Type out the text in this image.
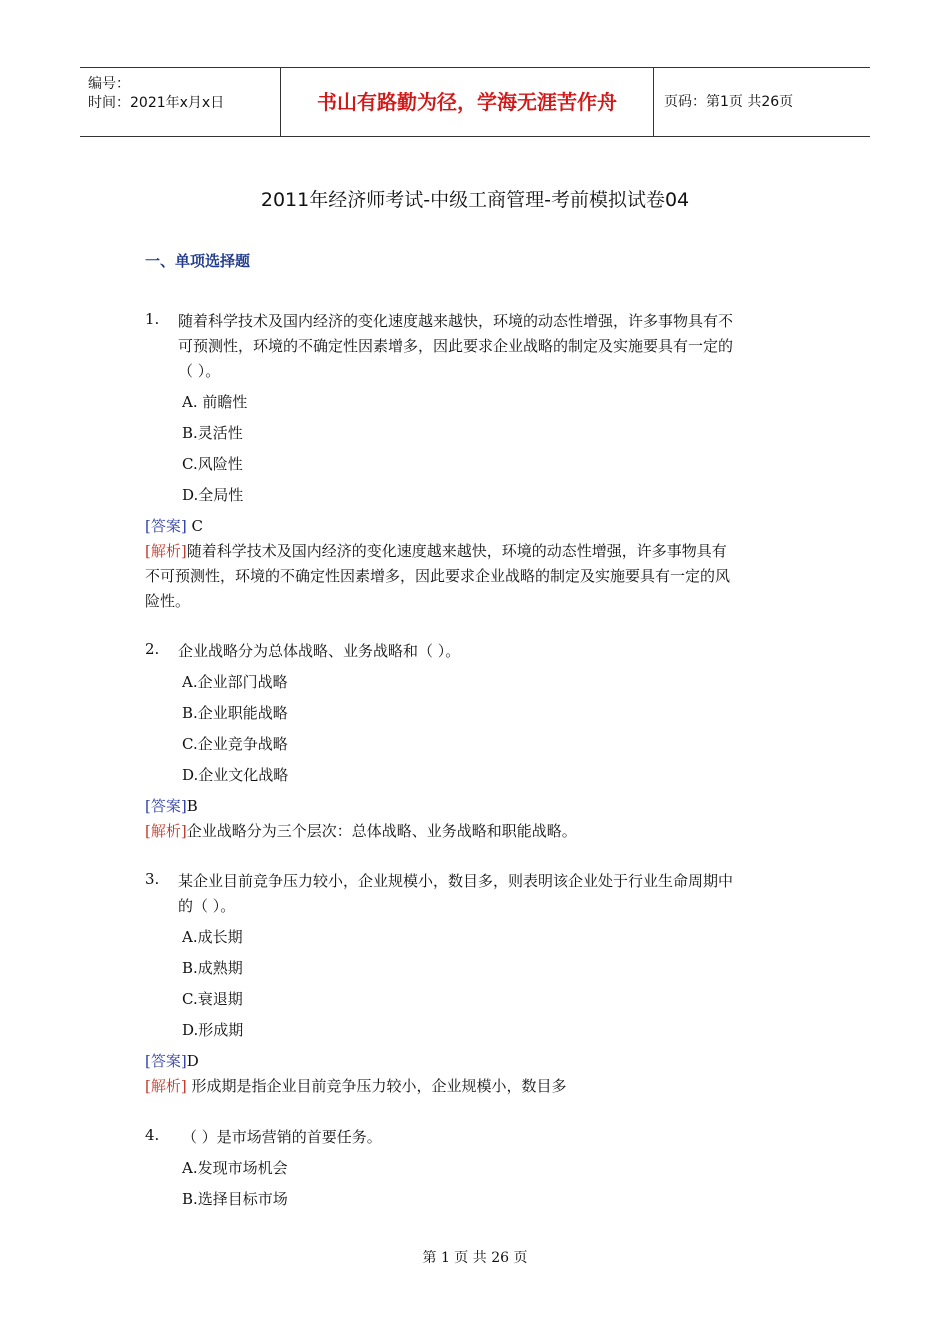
编号：
时间：2021年x月x日	书山有路勤为径，学海无涯苦作舟	页码：第1页 共26页
2011年经济师考试-中级工商管理-考前模拟试卷04
一、单项选择题
1. 随着科学技术及国内经济的变化速度越来越快，环境的动态性增强，许多事物具有不
可预测性，环境的不确定性因素增多，因此要求企业战略的制定及实施要具有一定的
（ ）。
A. 前瞻性
B.灵活性
C.风险性
D.全局性
[答案] C
[解析]随着科学技术及国内经济的变化速度越来越快，环境的动态性增强，许多事物具有
不可预测性，环境的不确定性因素增多，因此要求企业战略的制定及实施要具有一定的风
险性。
2. 企业战略分为总体战略、业务战略和（ ）。
A.企业部门战略
B.企业职能战略
C.企业竞争战略
D.企业文化战略
[答案]B
[解析]企业战略分为三个层次：总体战略、业务战略和职能战略。
3. 某企业目前竞争压力较小，企业规模小，数目多，则表明该企业处于行业生命周期中
的（ ）。
A.成长期
B.成熟期
C.衰退期
D.形成期
[答案]D
[解析] 形成期是指企业目前竞争压力较小，企业规模小，数目多
4. （ ）是市场营销的首要任务。
A.发现市场机会
B.选择目标市场
第 1 页 共 26 页
